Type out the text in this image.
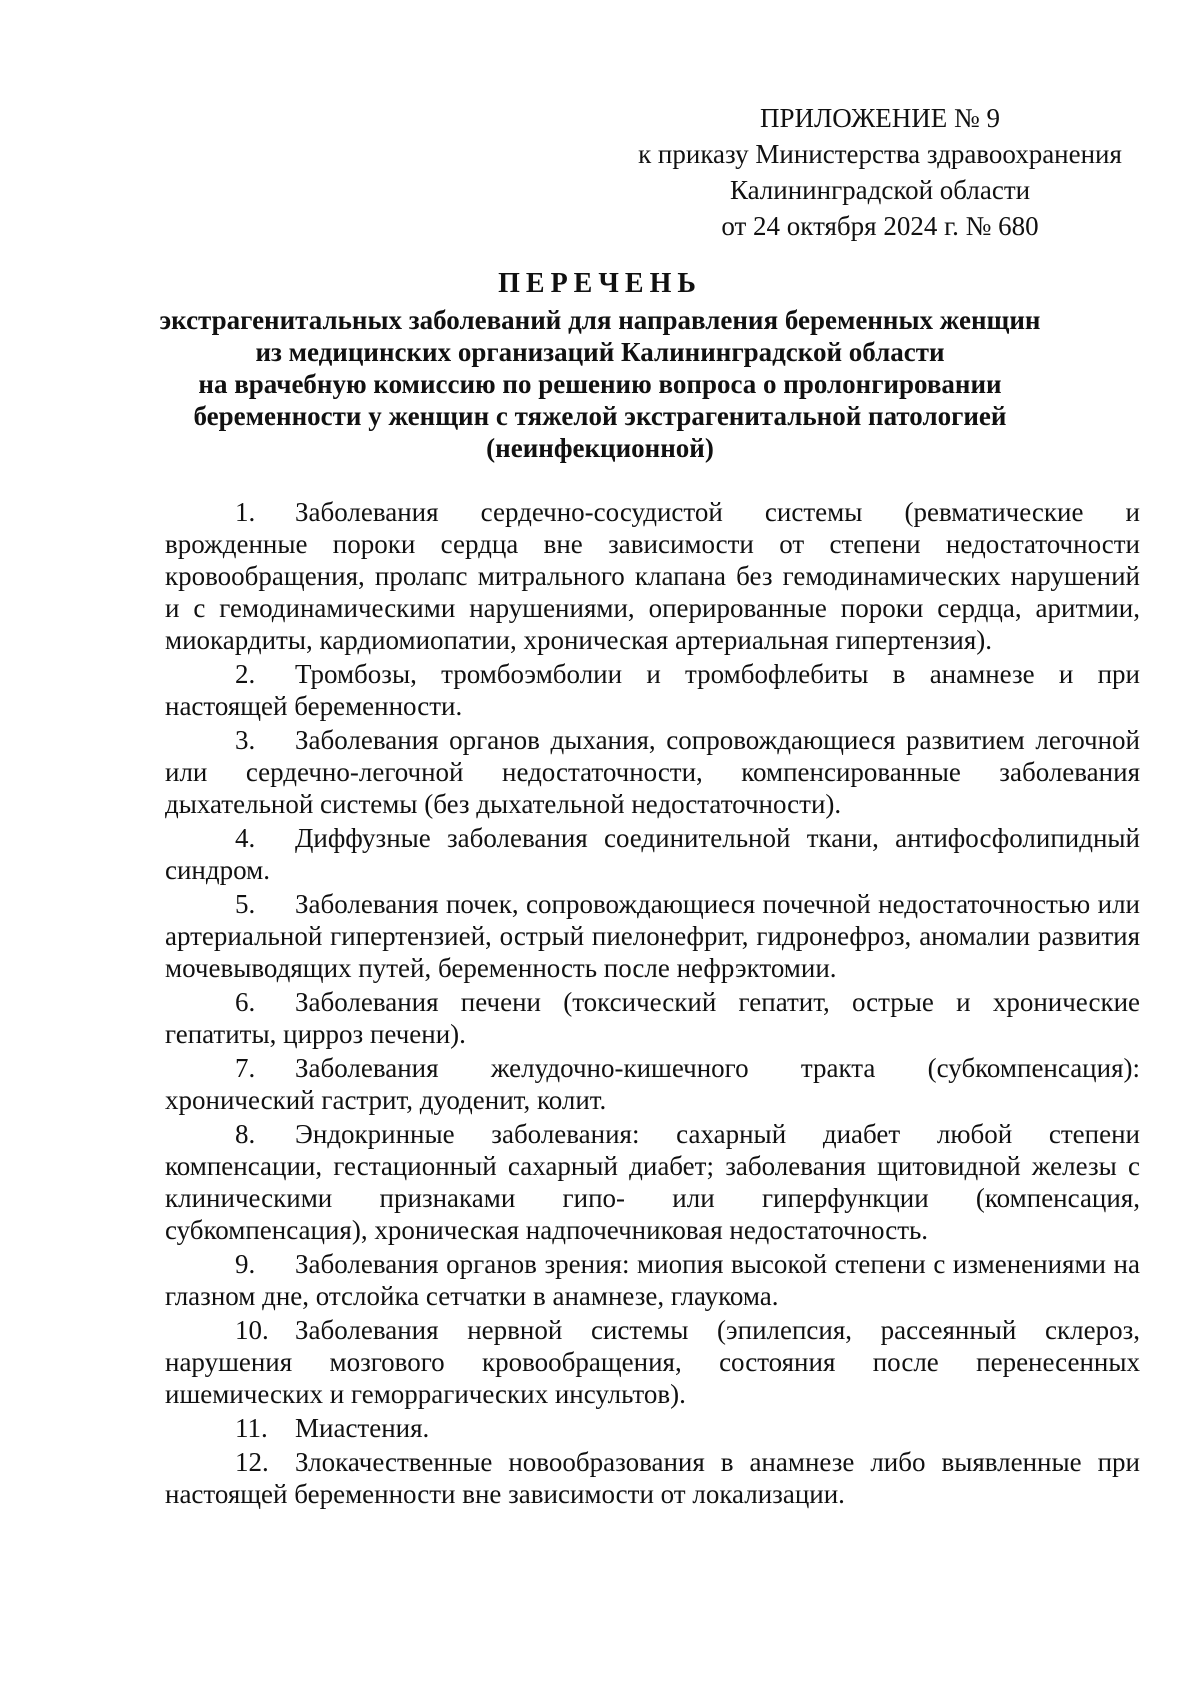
ПРИЛОЖЕНИЕ № 9
к приказу Министерства здравоохранения
Калининградской области
от 24 октября 2024 г. № 680
ПЕРЕЧЕНЬ
экстрагенитальных заболеваний для направления беременных женщин
из медицинских организаций Калининградской области
на врачебную комиссию по решению вопроса о пролонгировании
беременности у женщин с тяжелой экстрагенитальной патологией
(неинфекционной)

1. Заболевания сердечно-сосудистой системы (ревматические и врожденные пороки сердца вне зависимости от степени недостаточности кровообращения, пролапс митрального клапана без гемодинамических нарушений и с гемодинамическими нарушениями, оперированные пороки сердца, аритмии, миокардиты, кардиомиопатии, хроническая артериальная гипертензия).

2. Тромбозы, тромбоэмболии и тромбофлебиты в анамнезе и при настоящей беременности.

3. Заболевания органов дыхания, сопровождающиеся развитием легочной или сердечно-легочной недостаточности, компенсированные заболевания дыхательной системы (без дыхательной недостаточности).

4. Диффузные заболевания соединительной ткани, антифосфолипидный синдром.

5. Заболевания почек, сопровождающиеся почечной недостаточностью или артериальной гипертензией, острый пиелонефрит, гидронефроз, аномалии развития мочевыводящих путей, беременность после нефрэктомии.

6. Заболевания печени (токсический гепатит, острые и хронические гепатиты, цирроз печени).

7. Заболевания желудочно-кишечного тракта (субкомпенсация): хронический гастрит, дуоденит, колит.

8. Эндокринные заболевания: сахарный диабет любой степени компенсации, гестационный сахарный диабет; заболевания щитовидной железы с клиническими признаками гипо- или гиперфункции (компенсация, субкомпенсация), хроническая надпочечниковая недостаточность.

9. Заболевания органов зрения: миопия высокой степени с изменениями на глазном дне, отслойка сетчатки в анамнезе, глаукома.

10. Заболевания нервной системы (эпилепсия, рассеянный склероз, нарушения мозгового кровообращения, состояния после перенесенных ишемических и геморрагических инсультов).

11. Миастения.

12. Злокачественные новообразования в анамнезе либо выявленные при настоящей беременности вне зависимости от локализации.
